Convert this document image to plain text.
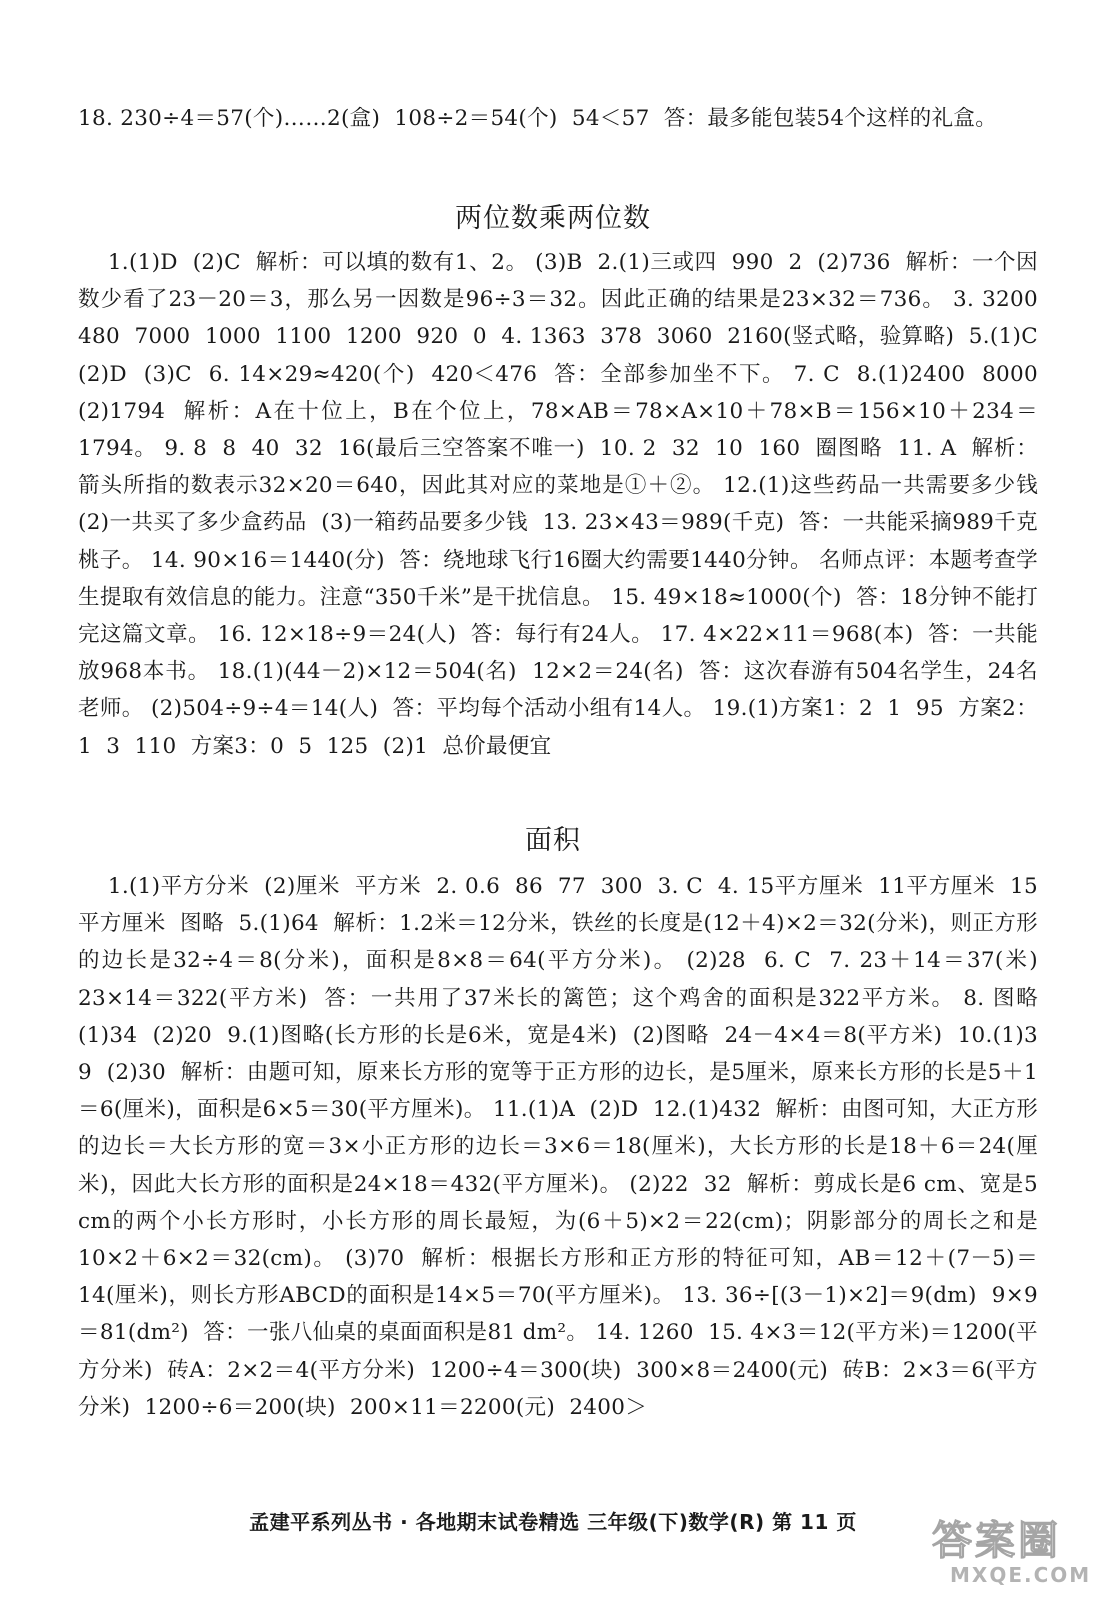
18. 230÷4＝57(个)……2(盒)  108÷2＝54(个)  54＜57  答：最多能包装54个这样的礼盒。
两位数乘两位数
1.(1)D  (2)C  解析：可以填的数有1、2。 (3)B  2.(1)三或四  990  2  (2)736  解析：一个因数少看了23－20＝3，那么另一因数是96÷3＝32。因此正确的结果是23×32＝736。 3. 3200  480  7000  1000  1100  1200  920  0  4. 1363  378  3060  2160(竖式略，验算略)  5.(1)C  (2)D  (3)C  6. 14×29≈420(个)  420＜476  答：全部参加坐不下。 7. C  8.(1)2400  8000  (2)1794  解析：A在十位上，B在个位上，78×AB＝78×A×10＋78×B＝156×10＋234＝1794。 9. 8  8  40  32  16(最后三空答案不唯一)  10. 2  32  10  160  圈图略  11. A  解析：箭头所指的数表示32×20＝640，因此其对应的菜地是①＋②。 12.(1)这些药品一共需要多少钱  (2)一共买了多少盒药品  (3)一箱药品要多少钱  13. 23×43＝989(千克)  答：一共能采摘989千克桃子。 14. 90×16＝1440(分)  答：绕地球飞行16圈大约需要1440分钟。 名师点评：本题考查学生提取有效信息的能力。注意“350千米”是干扰信息。 15. 49×18≈1000(个)  答：18分钟不能打完这篇文章。 16. 12×18÷9＝24(人)  答：每行有24人。 17. 4×22×11＝968(本)  答：一共能放968本书。 18.(1)(44－2)×12＝504(名)  12×2＝24(名)  答：这次春游有504名学生，24名老师。 (2)504÷9÷4＝14(人)  答：平均每个活动小组有14人。 19.(1)方案1：2  1  95  方案2：1  3  110  方案3：0  5  125  (2)1  总价最便宜
面积
1.(1)平方分米  (2)厘米  平方米  2. 0.6  86  77  300  3. C  4. 15平方厘米  11平方厘米  15平方厘米  图略  5.(1)64  解析：1.2米＝12分米，铁丝的长度是(12＋4)×2＝32(分米)，则正方形的边长是32÷4＝8(分米)，面积是8×8＝64(平方分米)。 (2)28  6. C  7. 23＋14＝37(米)  23×14＝322(平方米)  答：一共用了37米长的篱笆；这个鸡舍的面积是322平方米。 8. 图略  (1)34  (2)20  9.(1)图略(长方形的长是6米，宽是4米)  (2)图略  24－4×4＝8(平方米)  10.(1)3  9  (2)30  解析：由题可知，原来长方形的宽等于正方形的边长，是5厘米，原来长方形的长是5＋1＝6(厘米)，面积是6×5＝30(平方厘米)。 11.(1)A  (2)D  12.(1)432  解析：由图可知，大正方形的边长＝大长方形的宽＝3×小正方形的边长＝3×6＝18(厘米)，大长方形的长是18＋6＝24(厘米)，因此大长方形的面积是24×18＝432(平方厘米)。 (2)22  32  解析：剪成长是6 cm、宽是5 cm的两个小长方形时，小长方形的周长最短，为(6＋5)×2＝22(cm)；阴影部分的周长之和是10×2＋6×2＝32(cm)。 (3)70  解析：根据长方形和正方形的特征可知，AB＝12＋(7－5)＝14(厘米)，则长方形ABCD的面积是14×5＝70(平方厘米)。 13. 36÷[(3－1)×2]＝9(dm)  9×9＝81(dm²)  答：一张八仙桌的桌面面积是81 dm²。 14. 1260  15. 4×3＝12(平方米)＝1200(平方分米)  砖A：2×2＝4(平方分米)  1200÷4＝300(块)  300×8＝2400(元)  砖B：2×3＝6(平方分米)  1200÷6＝200(块)  200×11＝2200(元)  2400＞
孟建平系列丛书 · 各地期末试卷精选 三年级(下)数学(R) 第 11 页	答案圈
MXQE.COM
